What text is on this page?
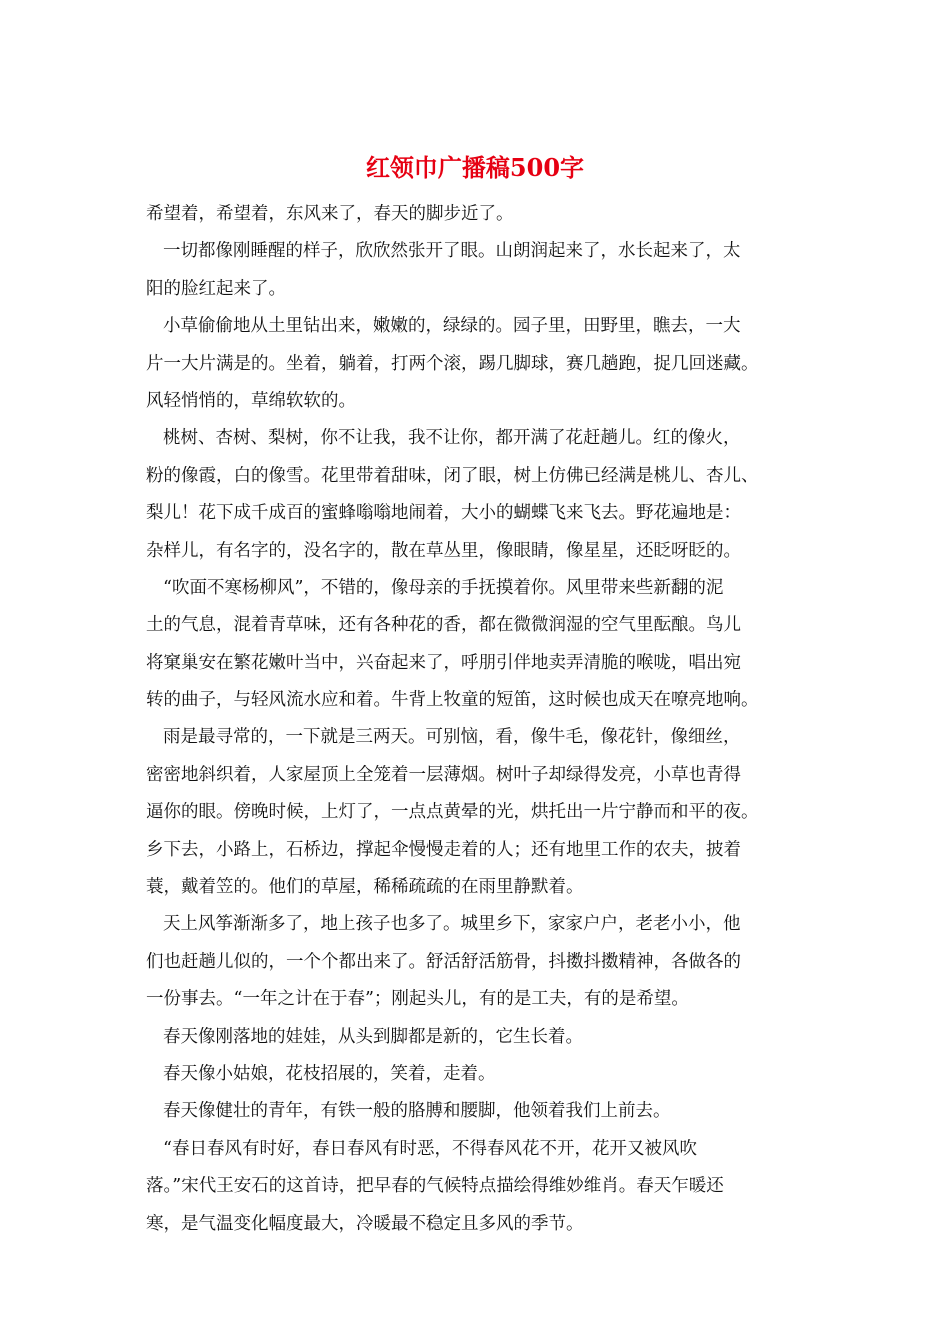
红领巾广播稿500字
希望着，希望着，东风来了，春天的脚步近了。
一切都像刚睡醒的样子，欣欣然张开了眼。山朗润起来了，水长起来了，太
阳的脸红起来了。
小草偷偷地从土里钻出来，嫩嫩的，绿绿的。园子里，田野里，瞧去，一大
片一大片满是的。坐着，躺着，打两个滚，踢几脚球，赛几趟跑，捉几回迷藏。
风轻悄悄的，草绵软软的。
桃树、杏树、梨树，你不让我，我不让你，都开满了花赶趟儿。红的像火，
粉的像霞，白的像雪。花里带着甜味，闭了眼，树上仿佛已经满是桃儿、杏儿、
梨儿！花下成千成百的蜜蜂嗡嗡地闹着，大小的蝴蝶飞来飞去。野花遍地是：
杂样儿，有名字的，没名字的，散在草丛里，像眼睛，像星星，还眨呀眨的。
“吹面不寒杨柳风”，不错的，像母亲的手抚摸着你。风里带来些新翻的泥
土的气息，混着青草味，还有各种花的香，都在微微润湿的空气里酝酿。鸟儿
将窠巢安在繁花嫩叶当中，兴奋起来了，呼朋引伴地卖弄清脆的喉咙，唱出宛
转的曲子，与轻风流水应和着。牛背上牧童的短笛，这时候也成天在嘹亮地响。
雨是最寻常的，一下就是三两天。可别恼，看，像牛毛，像花针，像细丝，
密密地斜织着，人家屋顶上全笼着一层薄烟。树叶子却绿得发亮，小草也青得
逼你的眼。傍晚时候，上灯了，一点点黄晕的光，烘托出一片宁静而和平的夜。
乡下去，小路上，石桥边，撑起伞慢慢走着的人；还有地里工作的农夫，披着
蓑，戴着笠的。他们的草屋，稀稀疏疏的在雨里静默着。
天上风筝渐渐多了，地上孩子也多了。城里乡下，家家户户，老老小小，他
们也赶趟儿似的，一个个都出来了。舒活舒活筋骨，抖擞抖擞精神，各做各的
一份事去。“一年之计在于春”；刚起头儿，有的是工夫，有的是希望。
春天像刚落地的娃娃，从头到脚都是新的，它生长着。
春天像小姑娘，花枝招展的，笑着，走着。
春天像健壮的青年，有铁一般的胳膊和腰脚，他领着我们上前去。
“春日春风有时好，春日春风有时恶，不得春风花不开，花开又被风吹
落。”宋代王安石的这首诗，把早春的气候特点描绘得维妙维肖。春天乍暖还
寒，是气温变化幅度最大，冷暖最不稳定且多风的季节。
